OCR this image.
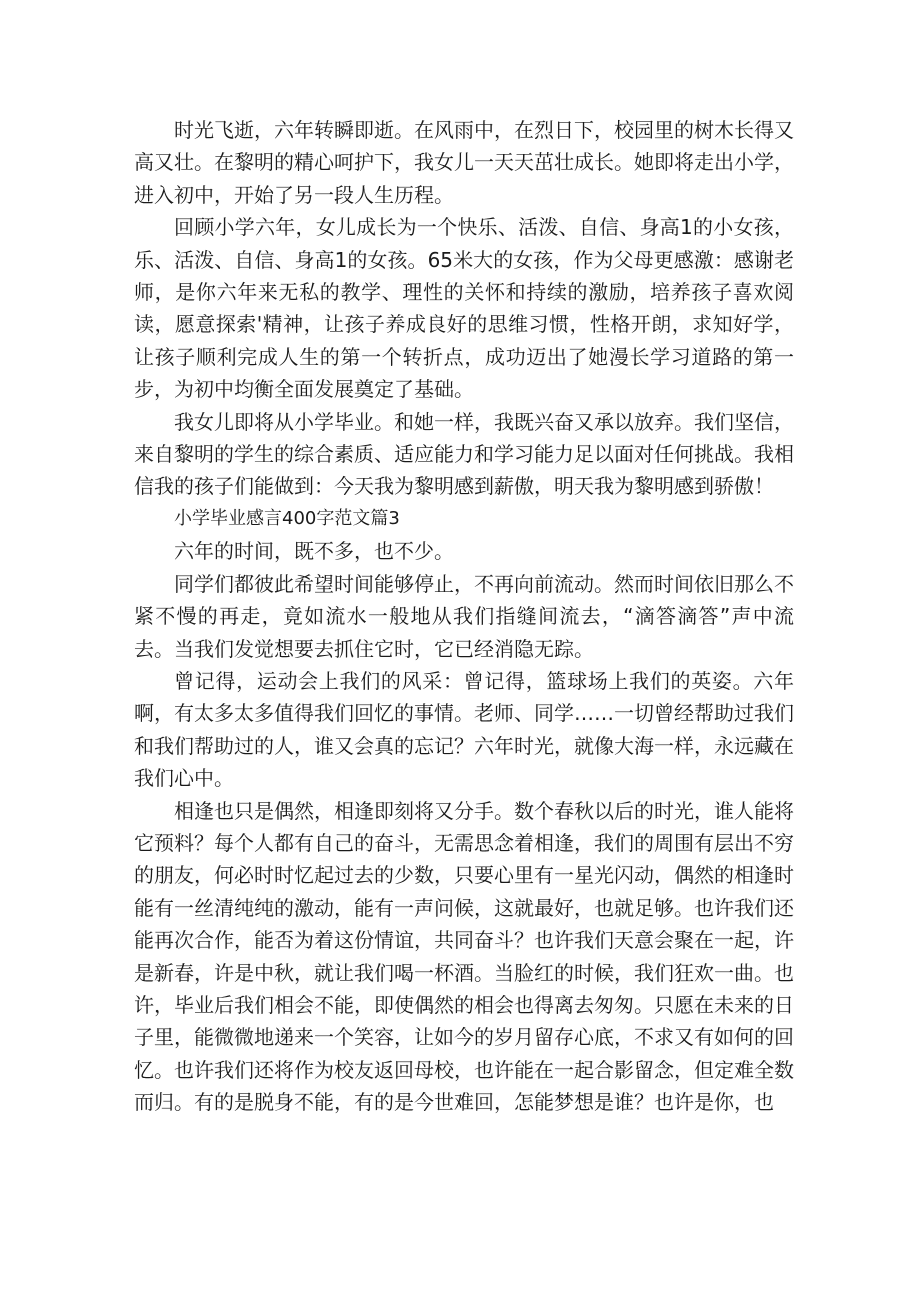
时光飞逝，六年转瞬即逝。在风雨中，在烈日下，校园里的树木长得又高又壮。在黎明的精心呵护下，我女儿一天天茁壮成长。她即将走出小学，进入初中，开始了另一段人生历程。

回顾小学六年，女儿成长为一个快乐、活泼、自信、身高1的小女孩，乐、活泼、自信、身高1的女孩。65米大的女孩，作为父母更感激：感谢老师，是你六年来无私的教学、理性的关怀和持续的激励，培养孩子喜欢阅读，愿意探索'精神，让孩子养成良好的思维习惯，性格开朗，求知好学，让孩子顺利完成人生的第一个转折点，成功迈出了她漫长学习道路的第一步，为初中均衡全面发展奠定了基础。

我女儿即将从小学毕业。和她一样，我既兴奋又承以放弃。我们坚信，来自黎明的学生的综合素质、适应能力和学习能力足以面对任何挑战。我相信我的孩子们能做到：今天我为黎明感到薪傲，明天我为黎明感到骄傲！

小学毕业感言400字范文篇3

六年的时间，既不多，也不少。

同学们都彼此希望时间能够停止，不再向前流动。然而时间依旧那么不紧不慢的再走，竟如流水一般地从我们指缝间流去，“滴答滴答”声中流去。当我们发觉想要去抓住它时，它已经消隐无踪。

曾记得，运动会上我们的风采：曾记得，篮球场上我们的英姿。六年啊，有太多太多值得我们回忆的事情。老师、同学……一切曾经帮助过我们和我们帮助过的人，谁又会真的忘记？六年时光，就像大海一样，永远藏在我们心中。

相逢也只是偶然，相逢即刻将又分手。数个春秋以后的时光，谁人能将它预料？每个人都有自己的奋斗，无需思念着相逢，我们的周围有层出不穷的朋友，何必时时忆起过去的少数，只要心里有一星光闪动，偶然的相逢时能有一丝清纯纯的激动，能有一声问候，这就最好，也就足够。也许我们还能再次合作，能否为着这份情谊，共同奋斗？也许我们天意会聚在一起，许是新春，许是中秋，就让我们喝一杯酒。当脸红的时候，我们狂欢一曲。也许，毕业后我们相会不能，即使偶然的相会也得离去匆匆。只愿在未来的日子里，能微微地递来一个笑容，让如今的岁月留存心底，不求又有如何的回忆。也许我们还将作为校友返回母校，也许能在一起合影留念，但定难全数而归。有的是脱身不能，有的是今世难回，怎能梦想是谁？也许是你，也
